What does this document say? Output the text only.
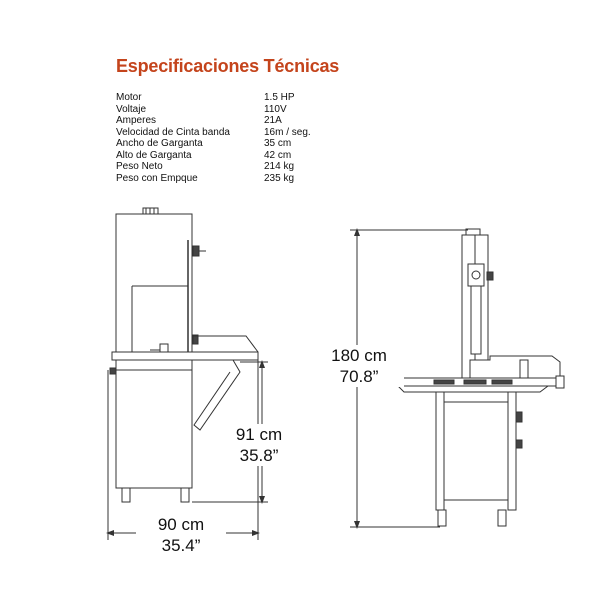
Especificaciones Técnicas
Motor	1.5 HP
Voltaje	110V
Amperes	21A
Velocidad de Cinta banda	16m / seg.
Ancho de Garganta	35 cm
Alto de Garganta	42 cm
Peso Neto	214 kg
Peso con Empque	235 kg
180 cm
70.8”
91 cm
35.8”
90 cm
35.4”
